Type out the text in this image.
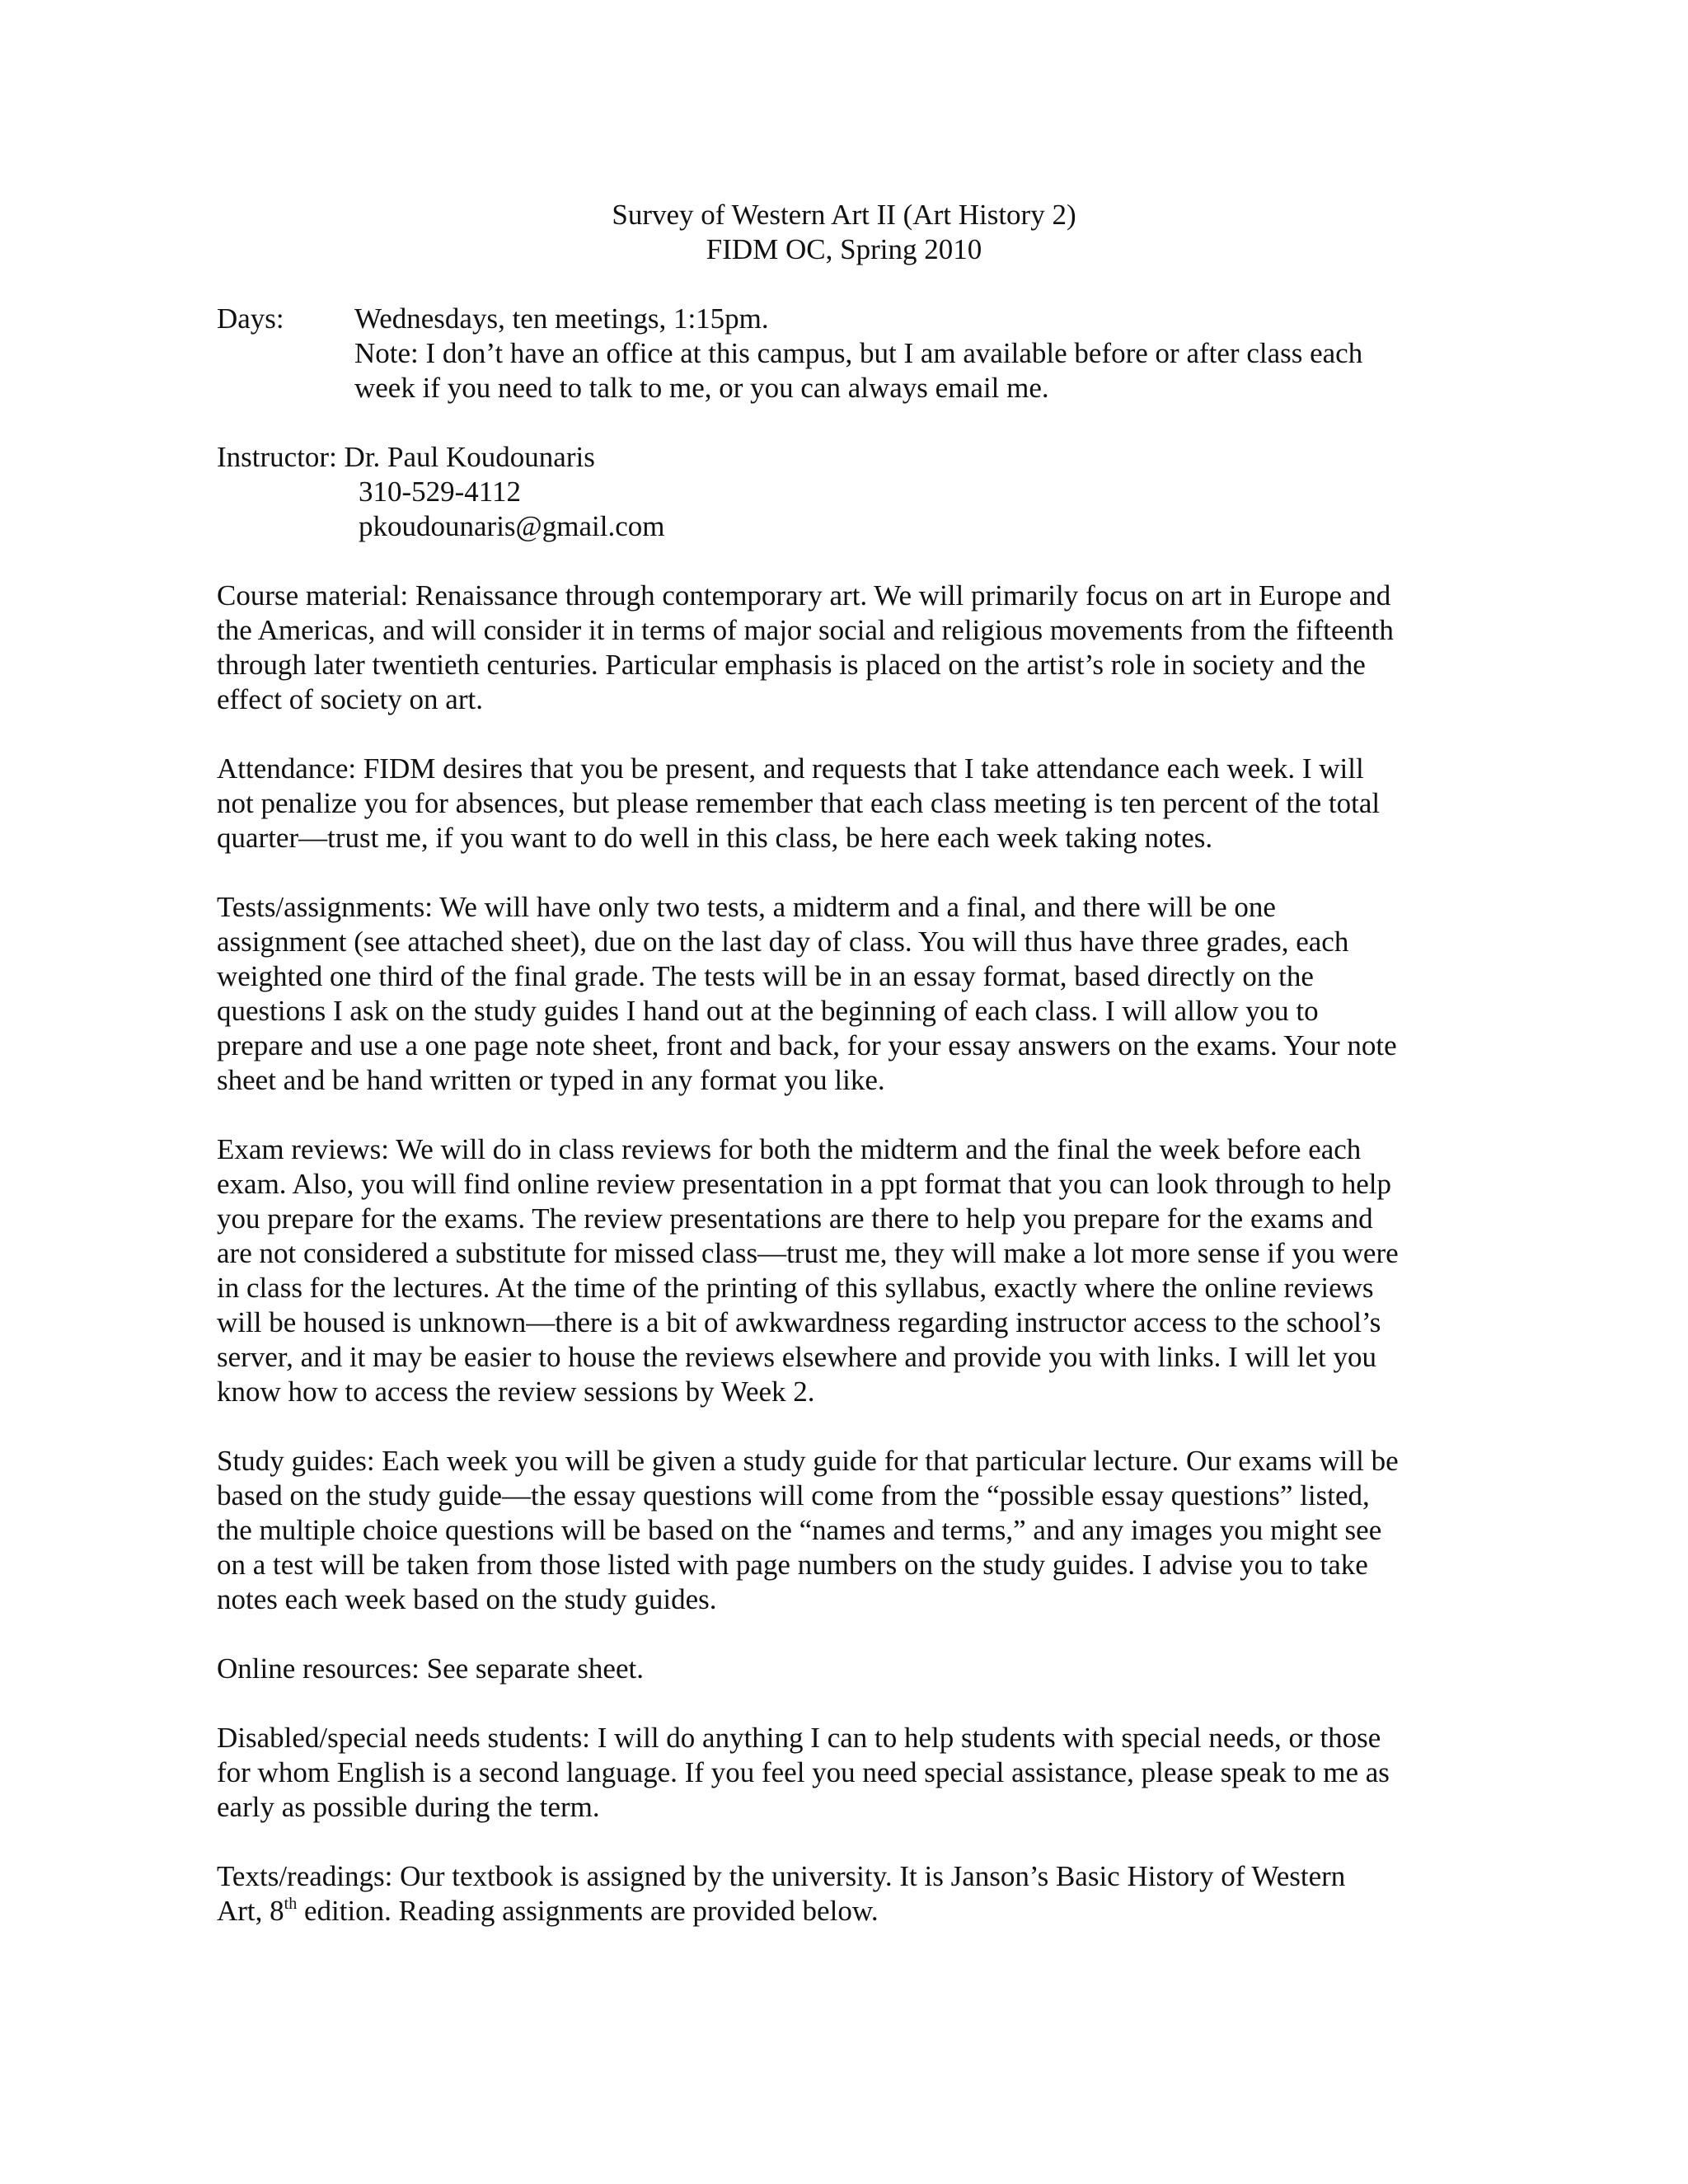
Survey of Western Art II (Art History 2)
FIDM OC, Spring 2010
Days:	Wednesdays, ten meetings, 1:15pm.
Note: I don’t have an office at this campus, but I am available before or after class each
week if you need to talk to me, or you can always email me.
Instructor: Dr. Paul Koudounaris
310-529-4112
pkoudounaris@gmail.com
Course material: Renaissance through contemporary art. We will primarily focus on art in Europe and
the Americas, and will consider it in terms of major social and religious movements from the fifteenth
through later twentieth centuries. Particular emphasis is placed on the artist’s role in society and the
effect of society on art.
Attendance: FIDM desires that you be present, and requests that I take attendance each week. I will
not penalize you for absences, but please remember that each class meeting is ten percent of the total
quarter—trust me, if you want to do well in this class, be here each week taking notes.
Tests/assignments: We will have only two tests, a midterm and a final, and there will be one
assignment (see attached sheet), due on the last day of class. You will thus have three grades, each
weighted one third of the final grade. The tests will be in an essay format, based directly on the
questions I ask on the study guides I hand out at the beginning of each class. I will allow you to
prepare and use a one page note sheet, front and back, for your essay answers on the exams. Your note
sheet and be hand written or typed in any format you like.
Exam reviews: We will do in class reviews for both the midterm and the final the week before each
exam. Also, you will find online review presentation in a ppt format that you can look through to help
you prepare for the exams. The review presentations are there to help you prepare for the exams and
are not considered a substitute for missed class—trust me, they will make a lot more sense if you were
in class for the lectures. At the time of the printing of this syllabus, exactly where the online reviews
will be housed is unknown—there is a bit of awkwardness regarding instructor access to the school’s
server, and it may be easier to house the reviews elsewhere and provide you with links. I will let you
know how to access the review sessions by Week 2.
Study guides: Each week you will be given a study guide for that particular lecture. Our exams will be
based on the study guide—the essay questions will come from the “possible essay questions” listed,
the multiple choice questions will be based on the “names and terms,” and any images you might see
on a test will be taken from those listed with page numbers on the study guides. I advise you to take
notes each week based on the study guides.
Online resources: See separate sheet.
Disabled/special needs students: I will do anything I can to help students with special needs, or those
for whom English is a second language. If you feel you need special assistance, please speak to me as
early as possible during the term.
Texts/readings: Our textbook is assigned by the university. It is Janson’s Basic History of Western
Art, 8th edition. Reading assignments are provided below.
